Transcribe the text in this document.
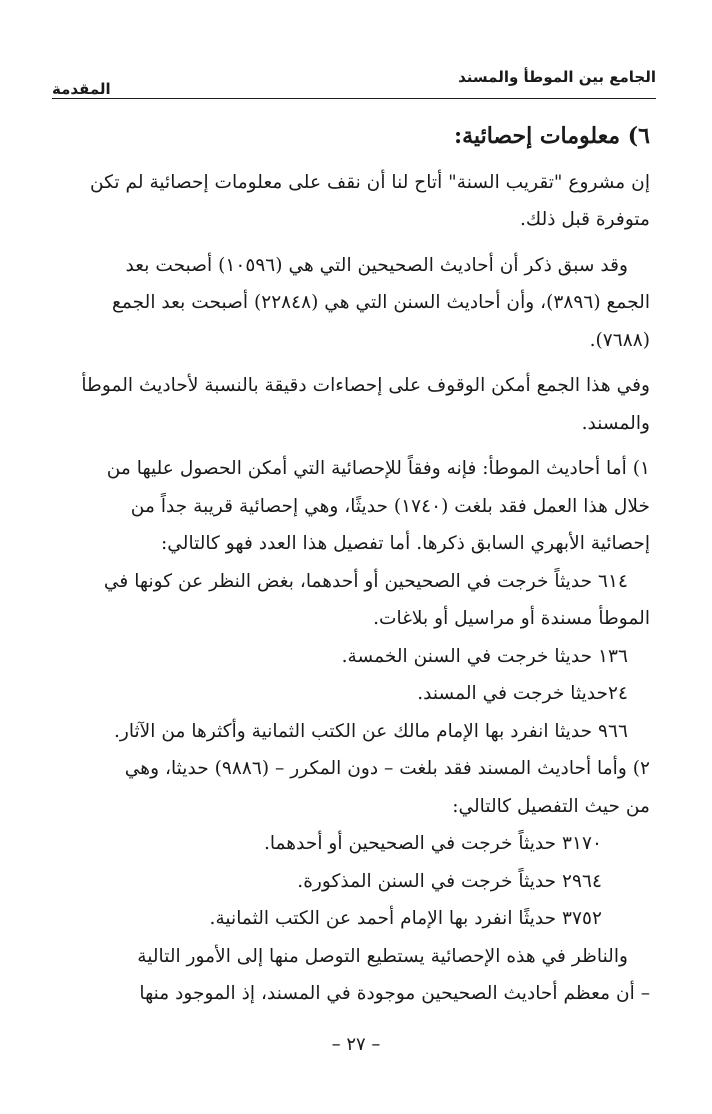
الجامع بين الموطأ والمسند
المقدمة

٦) معلومات إحصائية:

إن مشروع "تقريب السنة" أتاح لنا أن نقف على معلومات إحصائية لم تكن

متوفرة قبل ذلك.

وقد سبق ذكر أن أحاديث الصحيحين التي هي (١٠٥٩٦) أصبحت بعد

الجمع (٣٨٩٦)، وأن أحاديث السنن التي هي (٢٢٨٤٨) أصبحت بعد الجمع

(٧٦٨٨).

وفي هذا الجمع أمكن الوقوف على إحصاءات دقيقة بالنسبة لأحاديث الموطأ

والمسند.

١) أما أحاديث الموطأ: فإنه وفقاً للإحصائية التي أمكن الحصول عليها من

خلال هذا العمل فقد بلغت (١٧٤٠) حديثًا، وهي إحصائية قريبة جداً من

إحصائية الأبهري السابق ذكرها. أما تفصيل هذا العدد فهو كالتالي:

٦١٤ حديثاً خرجت في الصحيحين أو أحدهما، بغض النظر عن كونها في

الموطأ مسندة أو مراسيل أو بلاغات.

١٣٦ حديثا خرجت في السنن الخمسة.

٢٤حديثا خرجت في المسند.

٩٦٦ حديثا انفرد بها الإمام مالك عن الكتب الثمانية وأكثرها من الآثار.

٢) وأما أحاديث المسند فقد بلغت – دون المكرر – (٩٨٨٦) حديثا، وهي

من حيث التفصيل كالتالي:

٣١٧٠ حديثاً خرجت في الصحيحين أو أحدهما.

٢٩٦٤ حديثاً خرجت في السنن المذكورة.

٣٧٥٢ حديثًا انفرد بها الإمام أحمد عن الكتب الثمانية.

والناظر في هذه الإحصائية يستطيع التوصل منها إلى الأمور التالية

– أن معظم أحاديث الصحيحين موجودة في المسند، إذ الموجود منها

– ٢٧ –
